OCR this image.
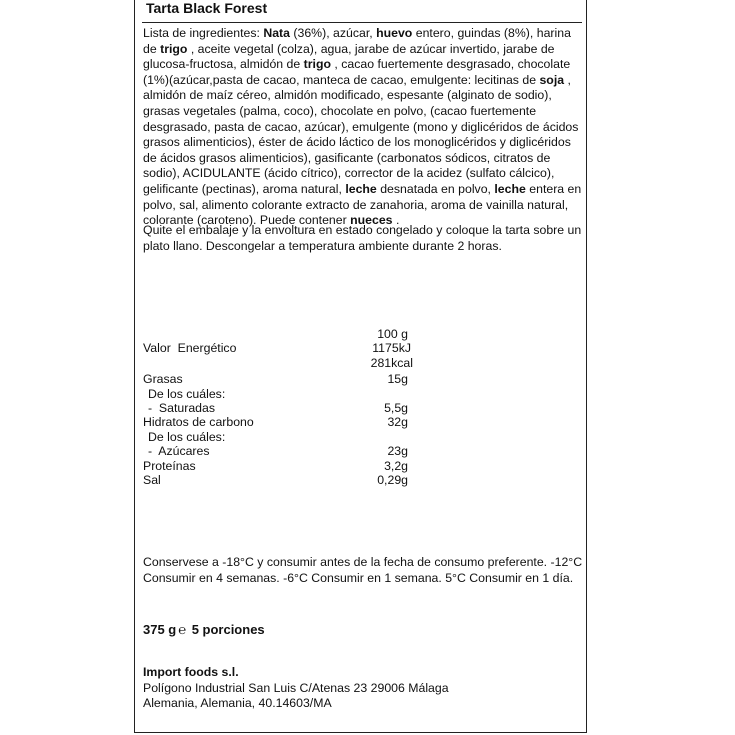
Tarta Black Forest
Lista de ingredientes: Nata (36%), azúcar, huevo entero, guindas (8%), harina de trigo , aceite vegetal (colza), agua, jarabe de azúcar invertido, jarabe de glucosa-fructosa, almidón de trigo , cacao fuertemente desgrasado, chocolate (1%)(azúcar,pasta de cacao, manteca de cacao, emulgente: lecitinas de soja , almidón de maíz céreo, almidón modificado, espesante (alginato de sodio), grasas vegetales (palma, coco), chocolate en polvo, (cacao fuertemente desgrasado, pasta de cacao, azúcar), emulgente (mono y diglicéridos de ácidos grasos alimenticios), éster de ácido láctico de los monoglicéridos y diglicéridos de ácidos grasos alimenticios), gasificante (carbonatos sódicos, citratos de sodio), ACIDULANTE (ácido cítrico), corrector de la acidez (sulfato cálcico), gelificante (pectinas), aroma natural, leche desnatada en polvo, leche entera en polvo, sal, alimento colorante extracto de zanahoria, aroma de vainilla natural, colorante (caroteno). Puede contener nueces .
Quite el embalaje y la envoltura en estado congelado y coloque la tarta sobre un plato llano. Descongelar a temperatura ambiente durante 2 horas.
100 g
Valor  Energético	1175kJ
281kcal
Grasas	15g
De los cuáles:
-  Saturadas	5,5g
Hidratos de carbono	32g
De los cuáles:
-  Azúcares	23g
Proteínas	3,2g
Sal	0,29g
Conservese a -18°C y consumir antes de la fecha de consumo preferente. -12°C Consumir en 4 semanas. -6°C Consumir en 1 semana. 5°C Consumir en 1 día.
375 g ℮ 5 porciones
Import foods s.l.
Polígono Industrial San Luis C/Atenas 23 29006 Málaga
Alemania, Alemania, 40.14603/MA
